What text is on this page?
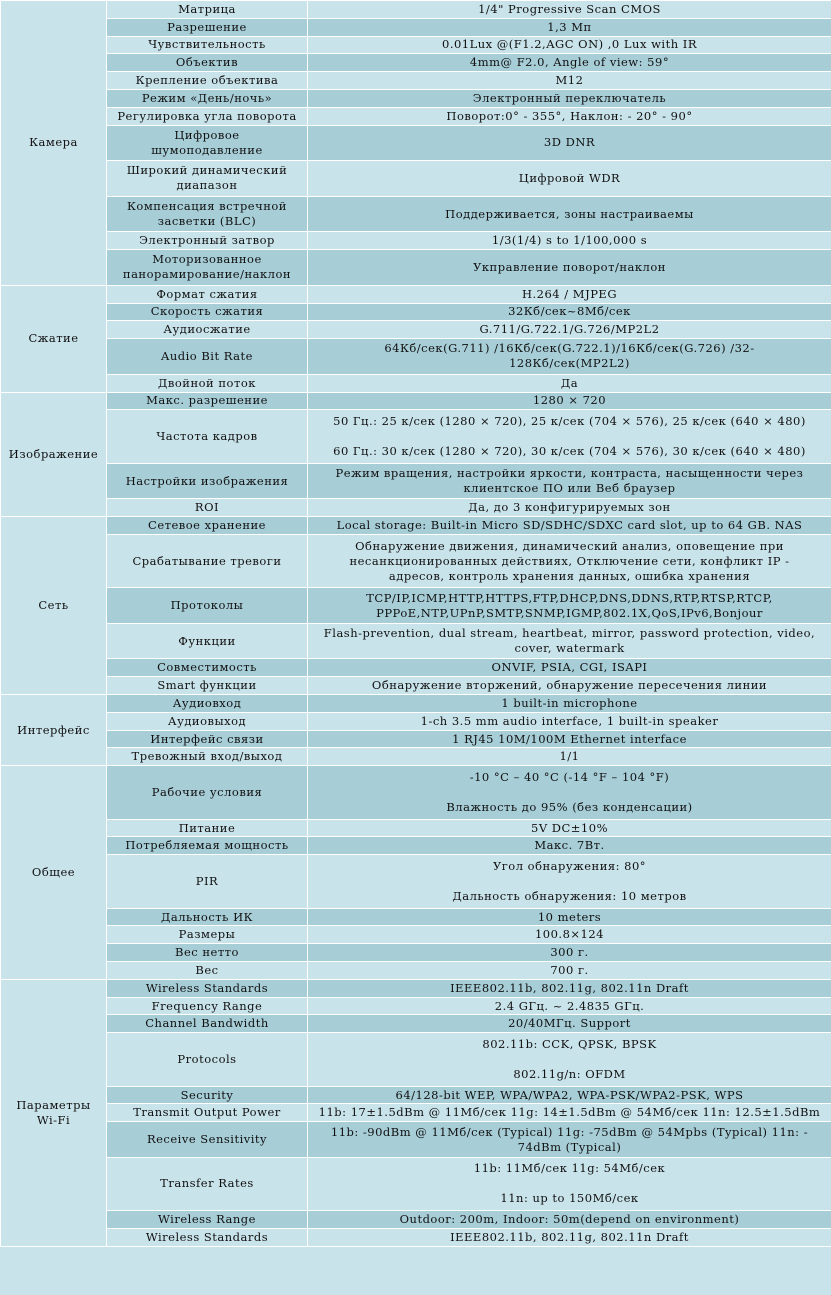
Камера	Матрица	1/4" Progressive Scan CMOS
	Разрешение	1,3 Мп
	Чувствительность	0.01Lux @(F1.2,AGC ON) ,0 Lux with IR
	Объектив	4mm@ F2.0, Angle of view: 59°
	Крепление объектива	M12
	Режим «День/ночь»	Электронный переключатель
	Регулировка угла поворота	Поворот:0° - 355°, Наклон: - 20° - 90°
	Цифровое
шумоподавление	3D DNR
	Широкий динамический
диапазон	Цифровой WDR
	Компенсация встречной
засветки (BLC)	Поддерживается, зоны настраиваемы
	Электронный затвор	1/3(1/4) s to 1/100,000 s
	Моторизованное
панорамирование/наклон	Укправление поворот/наклон
Сжатие	Формат сжатия	H.264 / MJPEG
	Скорость сжатия	32Кб/сек~8Мб/сек
	Аудиосжатие	G.711/G.722.1/G.726/MP2L2
	Audio Bit Rate	64Кб/сек(G.711) /16Кб/сек(G.722.1)/16Кб/сек(G.726) /32-
128Кб/сек(MP2L2)
	Двойной поток	Да
Изображение	Макс. разрешение	1280 × 720
	Частота кадров	50 Гц.: 25 к/сек (1280 × 720), 25 к/сек (704 × 576), 25 к/сек (640 × 480)

60 Гц.: 30 к/сек (1280 × 720), 30 к/сек (704 × 576), 30 к/сек (640 × 480)
	Настройки изображения	Режим вращения, настройки яркости, контраста, насыщенности через
клиентское ПО или Веб браузер
	ROI	Да, до 3 конфигурируемых зон
Сеть	Сетевое хранение	Local storage: Built-in Micro SD/SDHC/SDXC card slot, up to 64 GB. NAS
	Срабатывание тревоги	Обнаружение движения, динамический анализ, оповещение при
несанкционированных действиях, Отключение сети, конфликт IP -
адресов, контроль хранения данных, ошибка хранения
	Протоколы	TCP/IP,ICMP,HTTP,HTTPS,FTP,DHCP,DNS,DDNS,RTP,RTSP,RTCP,
PPPoE,NTP,UPnP,SMTP,SNMP,IGMP,802.1X,QoS,IPv6,Bonjour
	Функции	Flash-prevention, dual stream, heartbeat, mirror, password protection, video,
cover, watermark
	Совместимость	ONVIF, PSIA, CGI, ISAPI
	Smart функции	Обнаружение вторжений, обнаружение пересечения линии
Интерфейс	Аудиовход	1 built-in microphone
	Аудиовыход	1-ch 3.5 mm audio interface, 1 built-in speaker
	Интерфейс связи	1 RJ45 10M/100M Ethernet interface
	Тревожный вход/выход	1/1
Общее	Рабочие условия	-10 °C – 40 °C (-14 °F – 104 °F)

Влажность до 95% (без конденсации)
	Питание	5V DC±10%
	Потребляемая мощность	Макс. 7Вт.
	PIR	Угол обнаружения: 80°

Дальность обнаружения: 10 метров
	Дальность ИК	10 meters
	Размеры	100.8×124
	Вес нетто	300 г.
	Вес	700 г.
Параметры
Wi-Fi	Wireless Standards	IEEE802.11b, 802.11g, 802.11n Draft
	Frequency Range	2.4 GГц. ~ 2.4835 GГц.
	Channel Bandwidth	20/40МГц. Support
	Protocols	802.11b: CCK, QPSK, BPSK

802.11g/n: OFDM
	Security	64/128-bit WEP, WPA/WPA2, WPA-PSK/WPA2-PSK, WPS
	Transmit Output Power	11b: 17±1.5dBm @ 11Мб/сек 11g: 14±1.5dBm @ 54Мб/сек 11n: 12.5±1.5dBm
	Receive Sensitivity	11b: -90dBm @ 11Мб/сек (Typical) 11g: -75dBm @ 54Mpbs (Typical) 11n: -
74dBm (Typical)
	Transfer Rates	11b: 11Мб/сек 11g: 54Мб/сек

11n: up to 150Мб/сек
	Wireless Range	Outdoor: 200m, Indoor: 50m(depend on environment)
	Wireless Standards	IEEE802.11b, 802.11g, 802.11n Draft
